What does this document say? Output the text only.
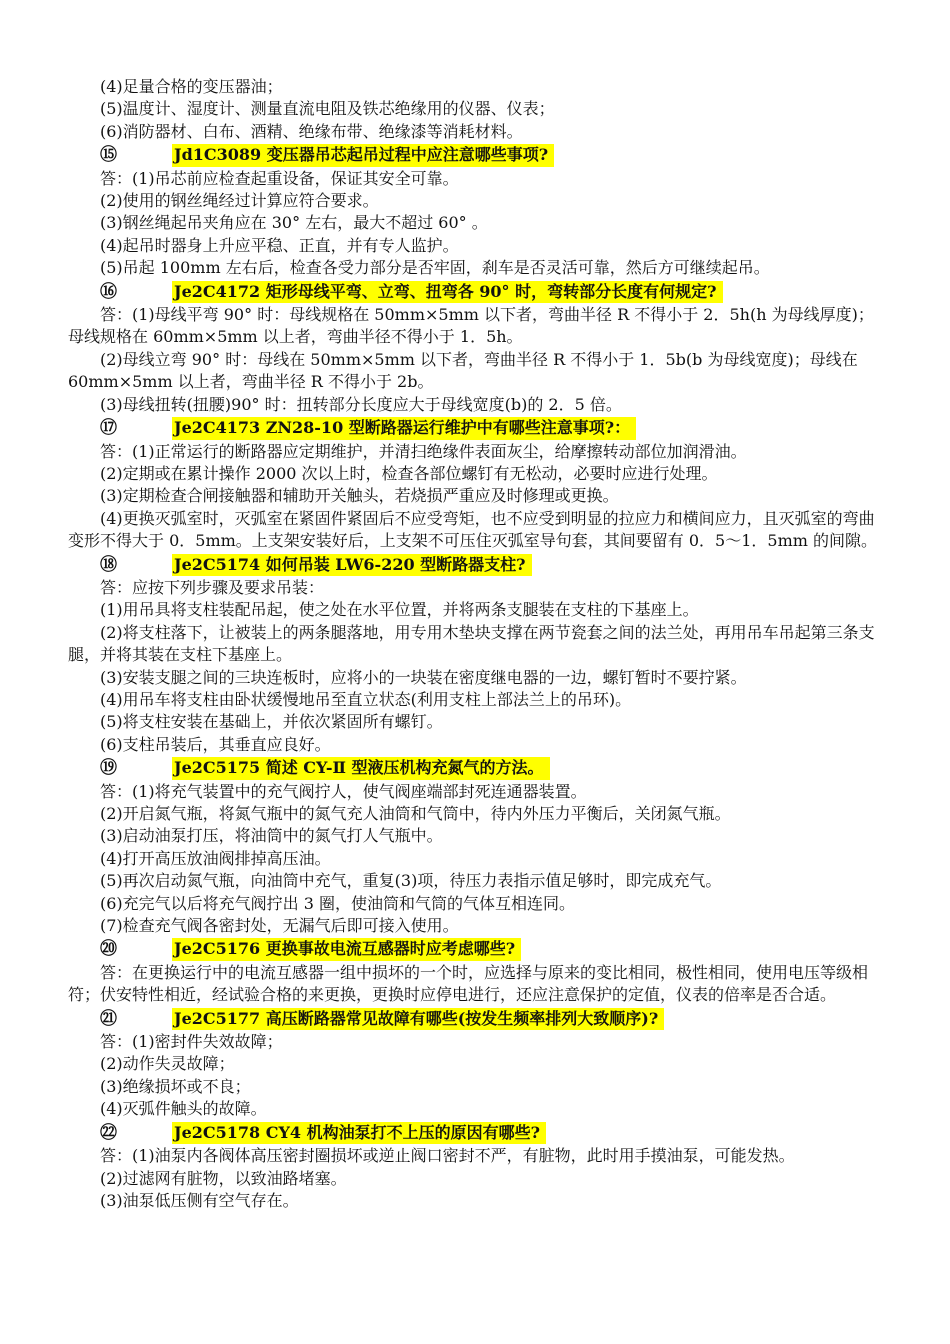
(4)足量合格的变压器油；

(5)温度计、湿度计、测量直流电阻及铁芯绝缘用的仪器、仪表；

(6)消防器材、白布、酒精、绝缘布带、绝缘漆等消耗材料。

⑮	Jd1C3089 变压器吊芯起吊过程中应注意哪些事项?

答：(1)吊芯前应检查起重设备，保证其安全可靠。

(2)使用的钢丝绳经过计算应符合要求。

(3)钢丝绳起吊夹角应在 30° 左右，最大不超过 60° 。

(4)起吊时器身上升应平稳、正直，并有专人监护。

(5)吊起 100mm 左右后，检查各受力部分是否牢固，刹车是否灵活可靠，然后方可继续起吊。

⑯	Je2C4172 矩形母线平弯、立弯、扭弯各 90° 时，弯转部分长度有何规定?

答：(1)母线平弯 90° 时：母线规格在 50mm×5mm 以下者，弯曲半径 R 不得小于 2．5h(h 为母线厚度)；母线规格在 60mm×5mm 以上者，弯曲半径不得小于 1．5h。

(2)母线立弯 90° 时：母线在 50mm×5mm 以下者，弯曲半径 R 不得小于 1．5b(b 为母线宽度)；母线在 60mm×5mm 以上者，弯曲半径 R 不得小于 2b。

(3)母线扭转(扭腰)90° 时：扭转部分长度应大于母线宽度(b)的 2．5 倍。

⑰	Je2C4173 ZN28-10 型断路器运行维护中有哪些注意事项?：

答：(1)正常运行的断路器应定期维护，并清扫绝缘件表面灰尘，给摩擦转动部位加润滑油。

(2)定期或在累计操作 2000 次以上时，检查各部位螺钉有无松动，必要时应进行处理。

(3)定期检查合闸接触器和辅助开关触头，若烧损严重应及时修理或更换。

(4)更换灭弧室时，灭弧室在紧固件紧固后不应受弯矩，也不应受到明显的拉应力和横间应力，且灭弧室的弯曲变形不得大于 0．5mm。上支架安装好后，上支架不可压住灭弧室导句套，其间要留有 0．5～1．5mm 的间隙。

⑱	Je2C5174 如何吊装 LW6-220 型断路器支柱?

答：应按下列步骤及要求吊装：

(1)用吊具将支柱装配吊起，使之处在水平位置，并将两条支腿装在支柱的下基座上。

(2)将支柱落下，让被装上的两条腿落地，用专用木垫块支撑在两节瓷套之间的法兰处，再用吊车吊起第三条支腿，并将其装在支柱下基座上。

(3)安装支腿之间的三块连板时，应将小的一块装在密度继电器的一边，螺钉暂时不要拧紧。

(4)用吊车将支柱由卧状缓慢地吊至直立状态(利用支柱上部法兰上的吊环)。

(5)将支柱安装在基础上，并依次紧固所有螺钉。

(6)支柱吊装后，其垂直应良好。

⑲	Je2C5175 简述 CY-Ⅱ 型液压机构充氮气的方法。

答：(1)将充气装置中的充气阀拧人，使气阀座端部封死连通器装置。

(2)开启氮气瓶，将氮气瓶中的氮气充人油筒和气筒中，待内外压力平衡后，关闭氮气瓶。

(3)启动油泵打压，将油筒中的氮气打人气瓶中。

(4)打开高压放油阀排掉高压油。

(5)再次启动氮气瓶，向油筒中充气，重复(3)项，待压力表指示值足够时，即完成充气。

(6)充完气以后将充气阀拧出 3 圈，使油筒和气筒的气体互相连同。

(7)检查充气阀各密封处，无漏气后即可接入使用。

⑳	Je2C5176 更换事故电流互感器时应考虑哪些?

答：在更换运行中的电流互感器一组中损坏的一个时，应选择与原来的变比相同，极性相同，使用电压等级相符；伏安特性相近，经试验合格的来更换，更换时应停电进行，还应注意保护的定值，仪表的倍率是否合适。

㉑	Je2C5177 高压断路器常见故障有哪些(按发生频率排列大致顺序)?

答：(1)密封件失效故障；

(2)动作失灵故障；

(3)绝缘损坏或不良；

(4)灭弧件触头的故障。

㉒	Je2C5178 CY4 机构油泵打不上压的原因有哪些?

答：(1)油泵内各阀体高压密封圈损坏或逆止阀口密封不严，有脏物，此时用手摸油泵，可能发热。

(2)过滤网有脏物，以致油路堵塞。

(3)油泵低压侧有空气存在。
